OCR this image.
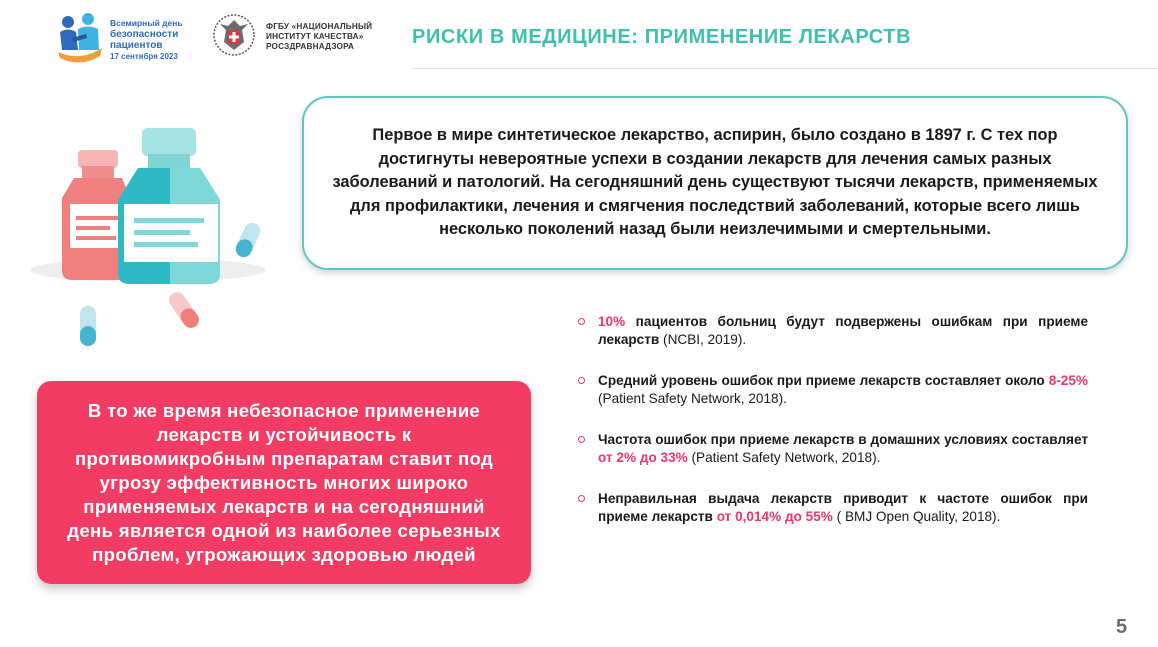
Всемирный день
безопасности
пациентов
17 сентября 2023
ФГБУ «НАЦИОНАЛЬНЫЙ
ИНСТИТУТ КАЧЕСТВА»
РОСЗДРАВНАДЗОРА	РИСКИ В МЕДИЦИНЕ: ПРИМЕНЕНИЕ ЛЕКАРСТВ

Первое в мире синтетическое лекарство, аспирин, было создано в 1897 г. С тех пор достигнуты невероятные успехи в создании лекарств для лечения самых разных заболеваний и патологий. На сегодняшний день существуют тысячи лекарств, применяемых для профилактики, лечения и смягчения последствий заболеваний, которые всего лишь несколько поколений назад были неизлечимыми и смертельными.

10% пациентов больниц будут подвержены ошибкам при приеме лекарств (NCBI, 2019).
Средний уровень ошибок при приеме лекарств составляет около 8-25% (Patient Safety Network, 2018).
Частота ошибок при приеме лекарств в домашних условиях составляет от 2% до 33% (Patient Safety Network, 2018).
Неправильная выдача лекарств приводит к частоте ошибок при приеме лекарств от 0,014% до 55% ( BMJ Open Quality, 2018).

В то же время небезопасное применение лекарств и устойчивость к противомикробным препаратам ставит под угрозу эффективность многих широко применяемых лекарств и на сегодняшний день является одной из наиболее серьезных проблем, угрожающих здоровью людей

5
